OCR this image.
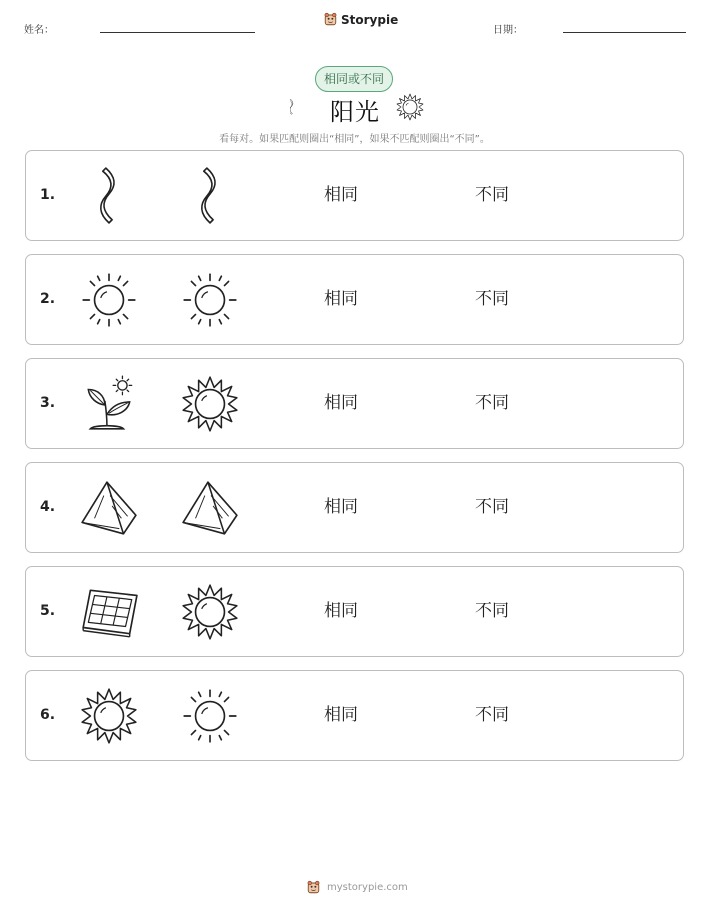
姓名：
Storypie
日期：
相同或不同
阳光
看每对。如果匹配则圈出“相同”，如果不匹配则圈出“不同”。
1.	相同	不同
2.	相同	不同
3.	相同	不同
4.	相同	不同
5.	相同	不同
6.	相同	不同
mystorypie.com
